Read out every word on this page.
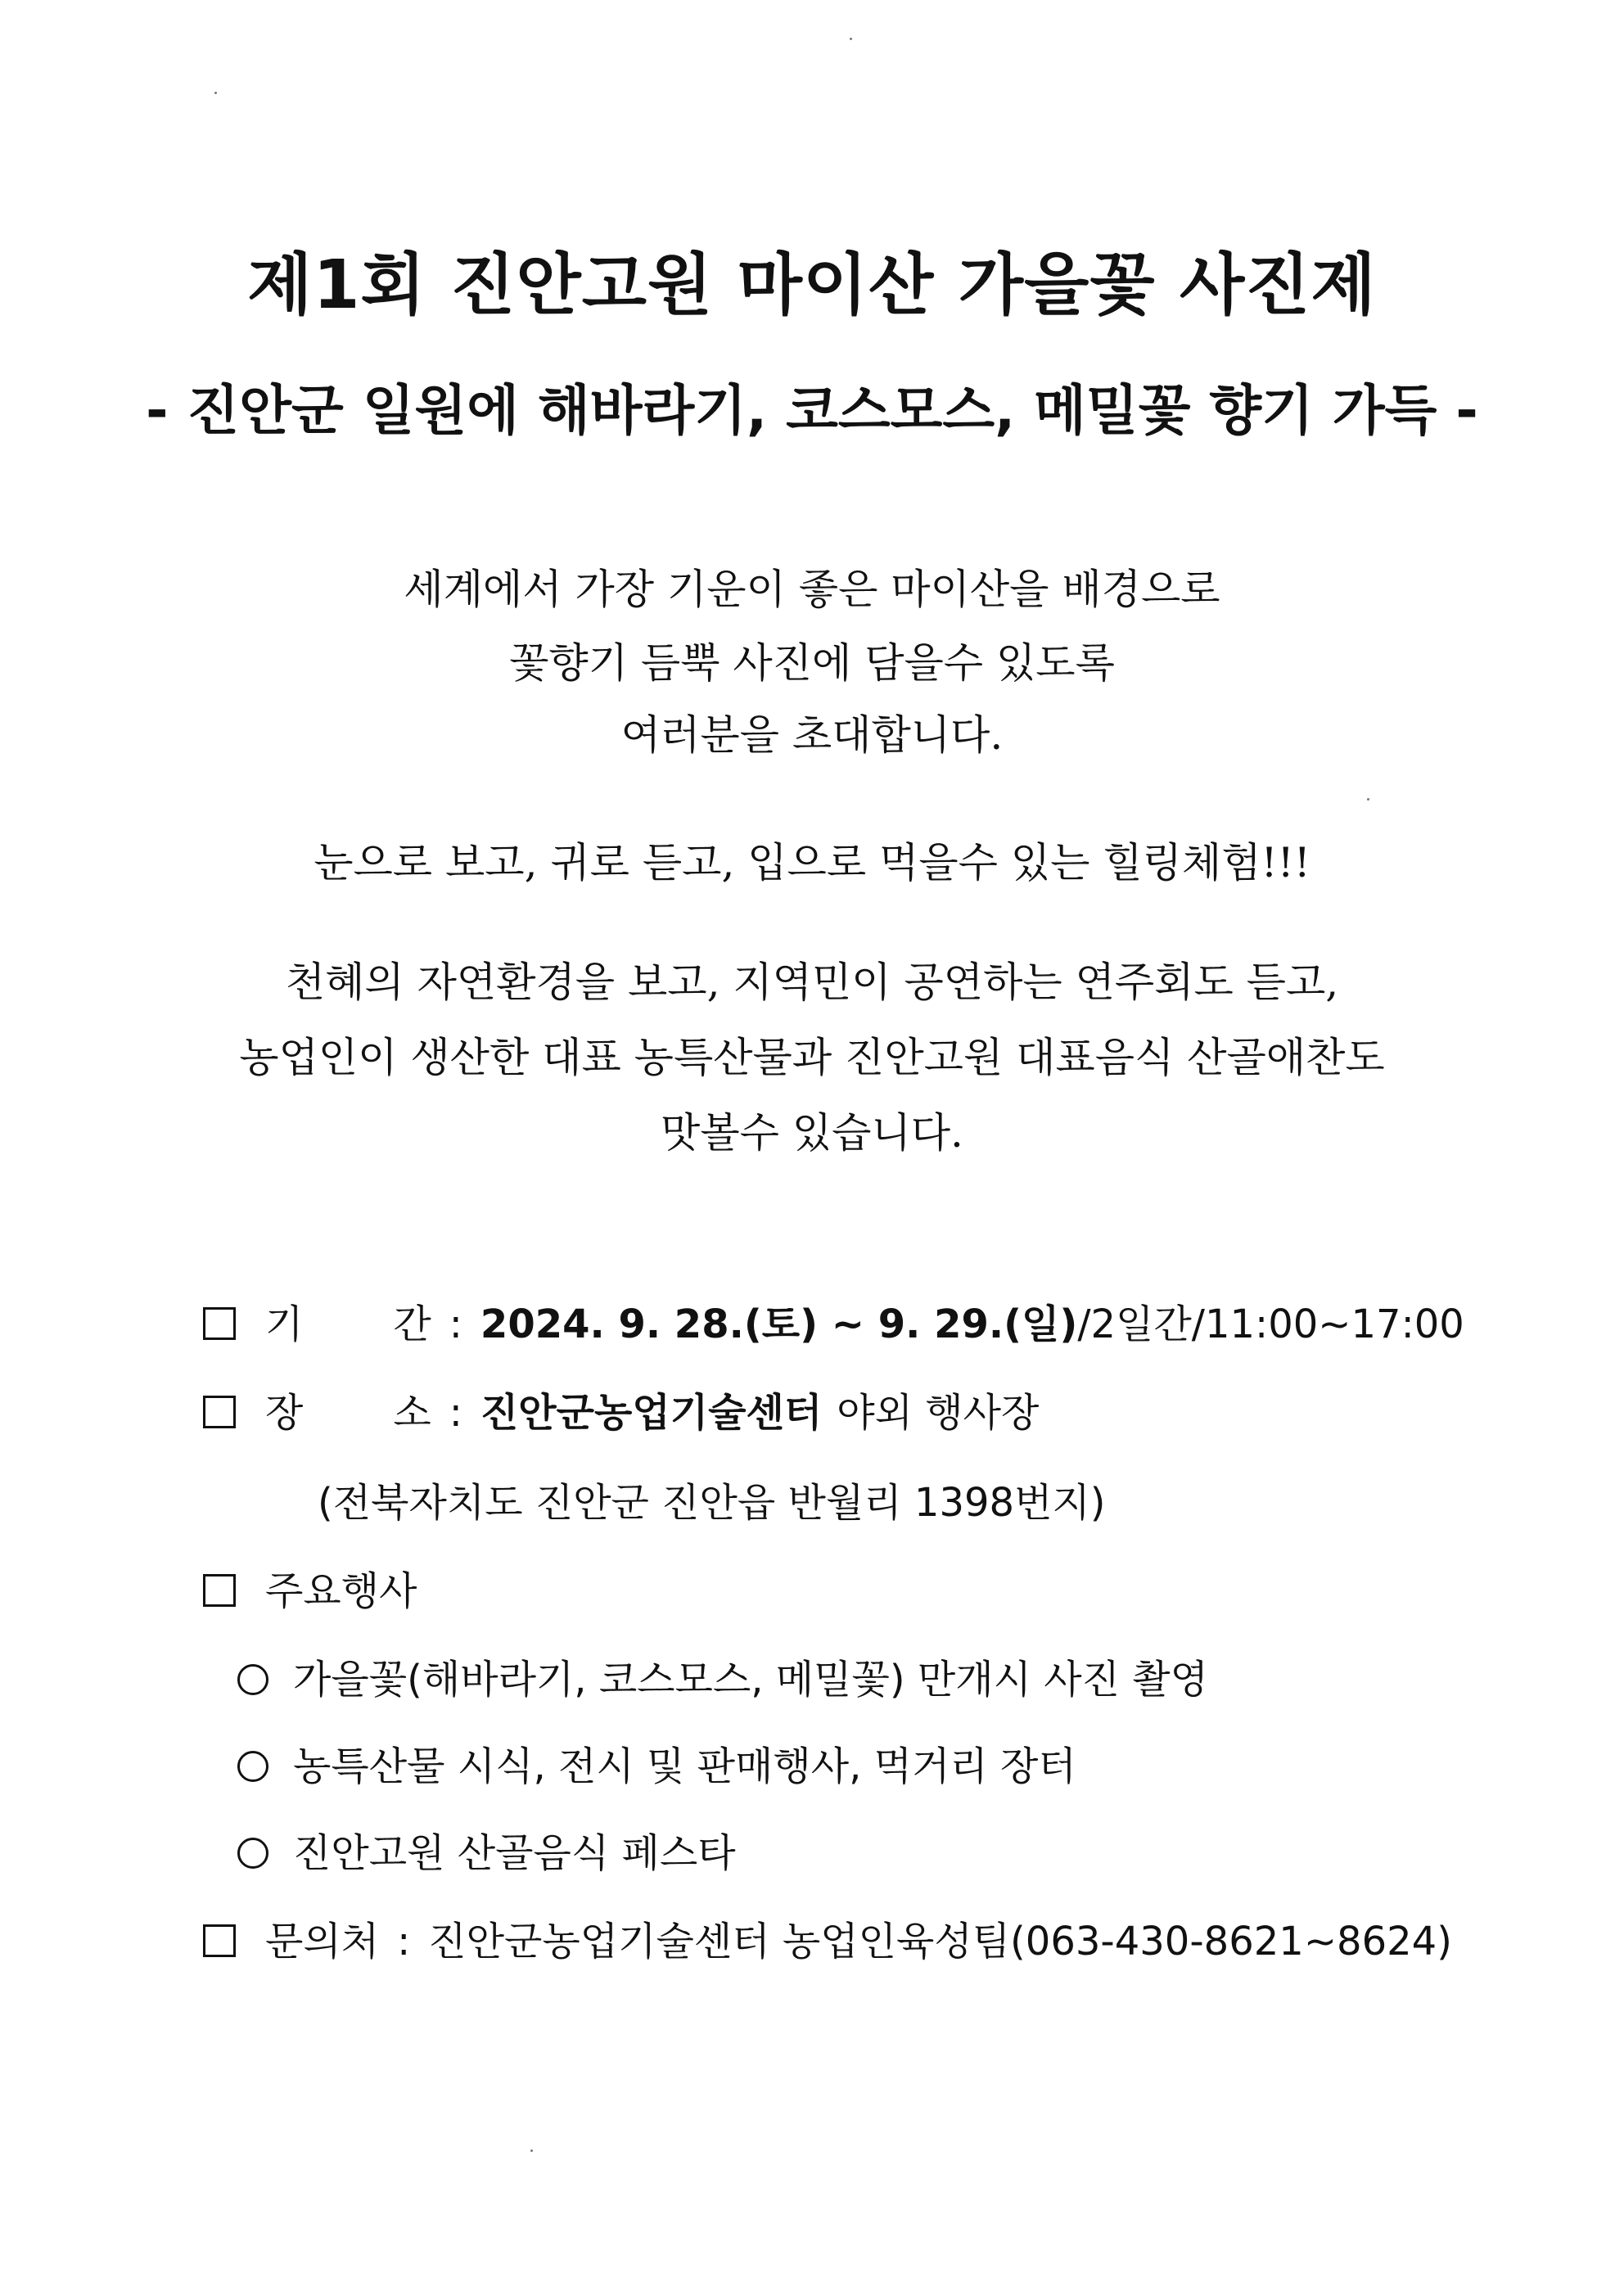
제1회 진안고원 마이산 가을꽃 사진제
- 진안군 일원에 해바라기, 코스모스, 메밀꽃 향기 가득 -
세계에서 가장 기운이 좋은 마이산을 배경으로
꽃향기 듬뿍 사진에 담을수 있도록
여러분을 초대합니다.
눈으로 보고, 귀로 듣고, 입으로 먹을수 있는 힐링체험!!!
천혜의 자연환경을 보고, 지역민이 공연하는 연주회도 듣고,
농업인이 생산한 대표 농특산물과 진안고원 대표음식 산골애찬도
맛볼수 있습니다.
기 간 : 2024. 9. 28.(토) ~ 9. 29.(일)/2일간/11:00~17:00
장 소 : 진안군농업기술센터 야외 행사장
(전북자치도 진안군 진안읍 반월리 1398번지)
주요행사
가을꽃(해바라기, 코스모스, 메밀꽃) 만개시 사진 촬영
농특산물 시식, 전시 및 판매행사, 먹거리 장터
진안고원 산골음식 페스타
문의처 : 진안군농업기술센터 농업인육성팀(063-430-8621~8624)
